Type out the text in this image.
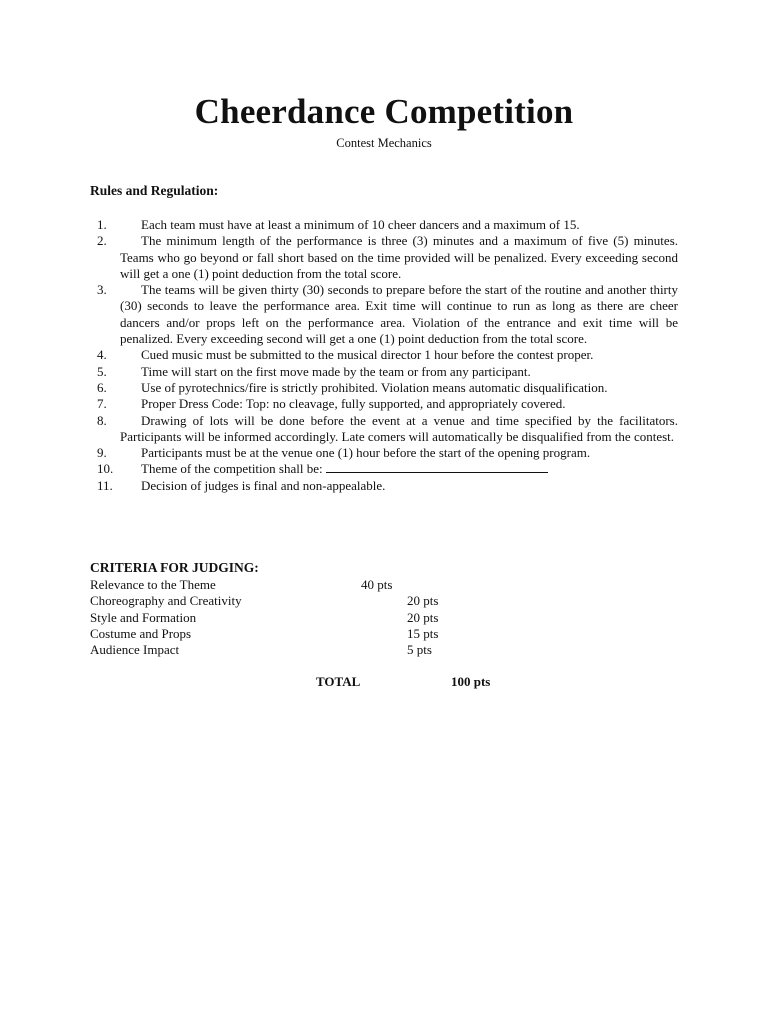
Cheerdance Competition
Contest Mechanics
Rules and Regulation:
1.	Each team must have at least a minimum of 10 cheer dancers and a maximum of 15.
2.	The minimum length of the performance is three (3) minutes and a maximum of five (5) minutes. Teams who go beyond or fall short based on the time provided will be penalized. Every exceeding second will get a one (1) point deduction from the total score.
3.	The teams will be given thirty (30) seconds to prepare before the start of the routine and another thirty (30) seconds to leave the performance area. Exit time will continue to run as long as there are cheer dancers and/or props left on the performance area. Violation of the entrance and exit time will be penalized. Every exceeding second will get a one (1) point deduction from the total score.
4.	Cued music must be submitted to the musical director 1 hour before the contest proper.
5.	Time will start on the first move made by the team or from any participant.
6.	Use of pyrotechnics/fire is strictly prohibited. Violation means automatic disqualification.
7.	Proper Dress Code: Top: no cleavage, fully supported, and appropriately covered.
8.	Drawing of lots will be done before the event at a venue and time specified by the facilitators. Participants will be informed accordingly. Late comers will automatically be disqualified from the contest.
9.	Participants must be at the venue one (1) hour before the start of the opening program.
10. Theme of the competition shall be:
11. Decision of judges is final and non-appealable.
CRITERIA FOR JUDGING:
Relevance to the Theme	40 pts
Choreography and Creativity	20 pts
Style and Formation	20 pts
Costume and Props	15 pts
Audience Impact	5 pts
TOTAL	100 pts
